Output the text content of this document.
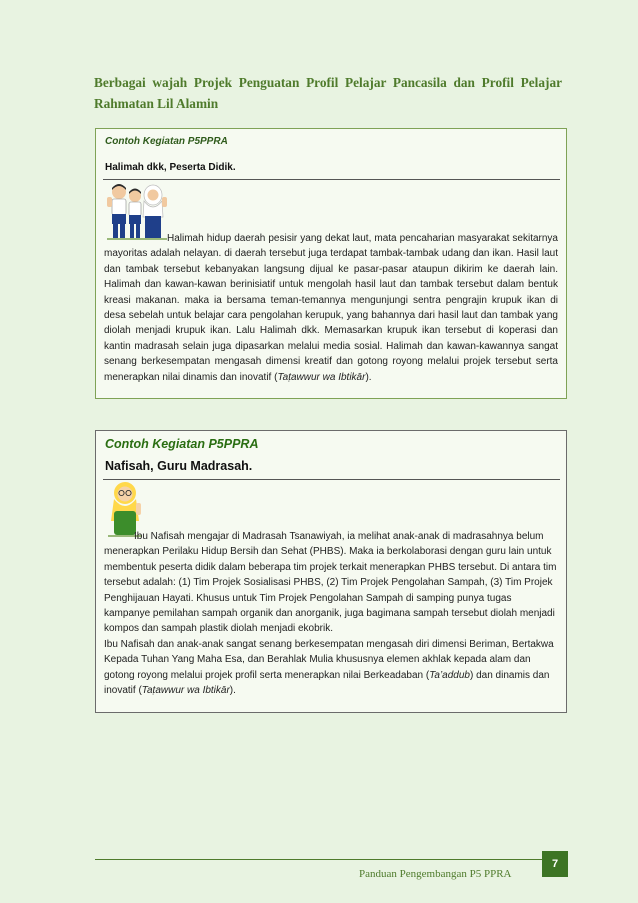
Berbagai wajah Projek Penguatan Profil Pelajar Pancasila dan Profil Pelajar Rahmatan Lil Alamin
Contoh Kegiatan P5PPRA
Halimah dkk, Peserta Didik.

Halimah hidup daerah pesisir yang dekat laut, mata pencaharian masyarakat sekitarnya mayoritas adalah nelayan. di daerah tersebut juga terdapat tambak-tambak udang dan ikan. Hasil laut dan tambak tersebut kebanyakan langsung dijual ke pasar-pasar ataupun dikirim ke daerah lain. Halimah dan kawan-kawan berinisiatif untuk mengolah hasil laut dan tambak tersebut dalam bentuk kreasi makanan. maka ia bersama teman-temannya mengunjungi sentra pengrajin krupuk ikan di desa sebelah untuk belajar cara pengolahan kerupuk, yang bahannya dari hasil laut dan tambak yang diolah menjadi krupuk ikan. Lalu Halimah dkk. Memasarkan krupuk ikan tersebut di koperasi dan kantin madrasah selain juga dipasarkan melalui media sosial. Halimah dan kawan-kawannya sangat senang berkesempatan mengasah dimensi kreatif dan gotong royong melalui projek tersebut serta menerapkan nilai dinamis dan inovatif (Taṭawwur wa Ibtikār).

Contoh Kegiatan P5PPRA
Nafisah, Guru Madrasah.

Ibu Nafisah mengajar di Madrasah Tsanawiyah, ia melihat anak-anak di madrasahnya belum menerapkan Perilaku Hidup Bersih dan Sehat (PHBS). Maka ia berkolaborasi dengan guru lain untuk membentuk peserta didik dalam beberapa tim projek terkait menerapkan PHBS tersebut. Di antara tim tersebut adalah: (1) Tim Projek Sosialisasi PHBS, (2) Tim Projek Pengolahan Sampah, (3) Tim Projek Penghijauan Hayati. Khusus untuk Tim Projek Pengolahan Sampah di samping punya tugas kampanye pemilahan sampah organik dan anorganik, juga bagimana sampah tersebut diolah menjadi kompos dan sampah plastik diolah menjadi ekobrik.

Ibu Nafisah dan anak-anak sangat senang berkesempatan mengasah diri dimensi Beriman, Bertakwa Kepada Tuhan Yang Maha Esa, dan Berahlak Mulia khususnya elemen akhlak kepada alam dan gotong royong melalui projek profil serta menerapkan nilai Berkeadaban (Ta’addub) dan dinamis dan inovatif (Taṭawwur wa Ibtikār).

7
Panduan Pengembangan P5 PPRA
